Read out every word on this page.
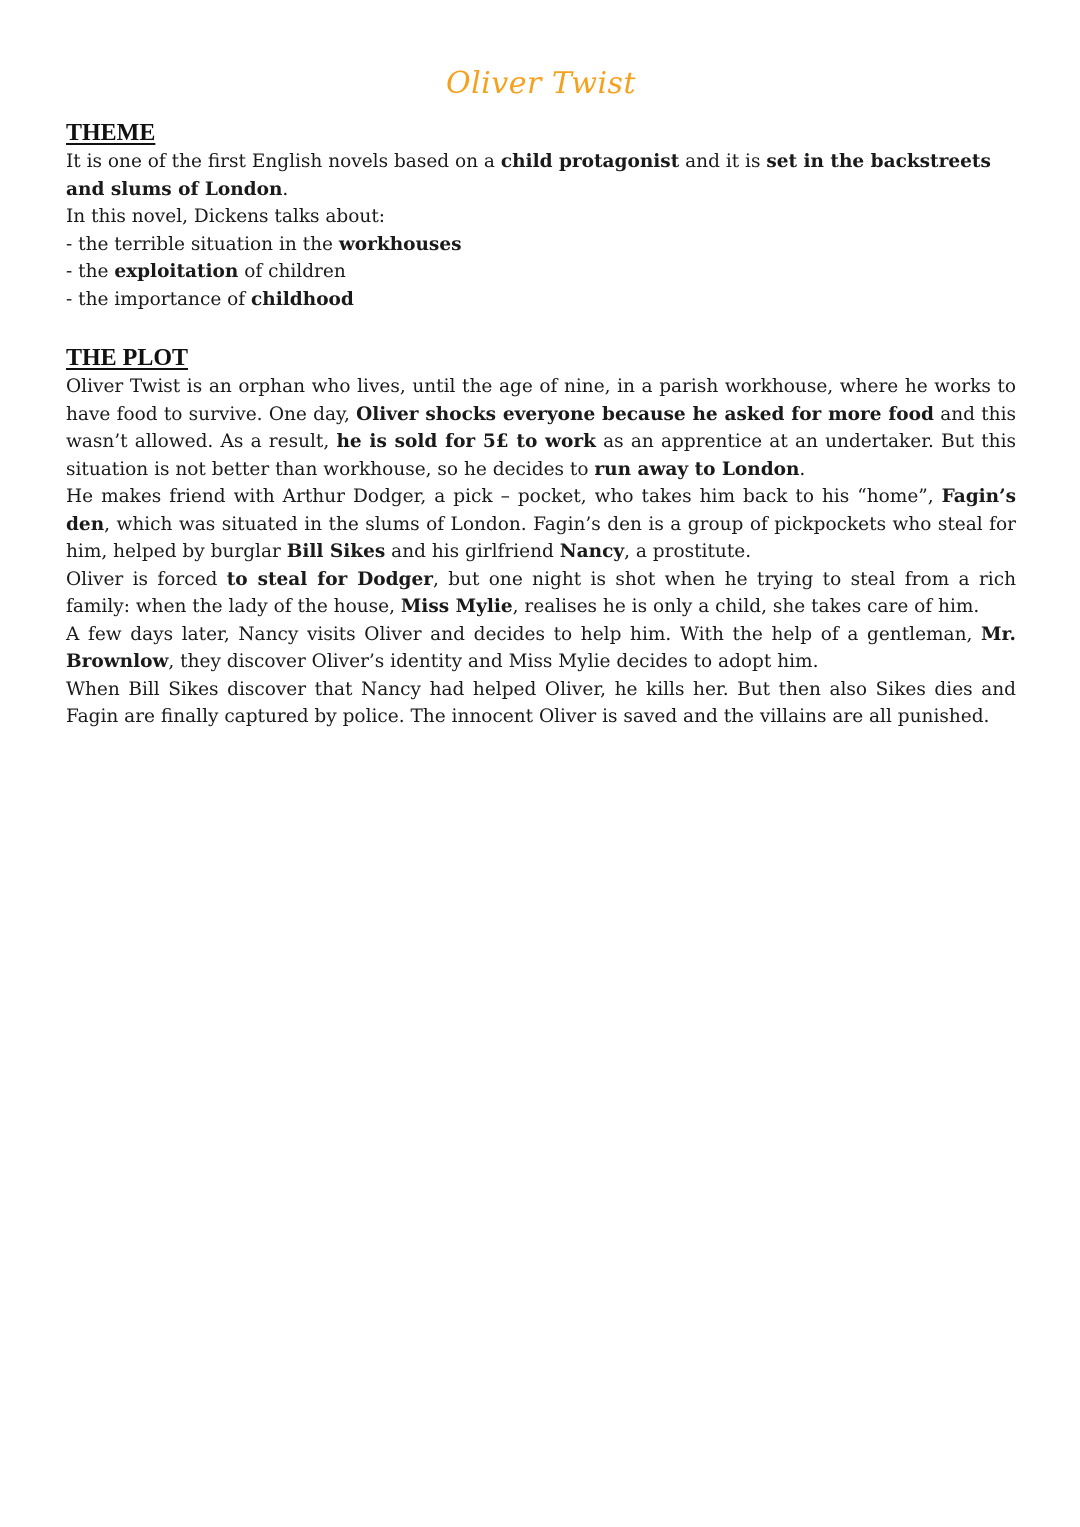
Oliver Twist
THEME

It is one of the first English novels based on a child protagonist and it is set in the backstreets and slums of London.

In this novel, Dickens talks about:

- the terrible situation in the workhouses

- the exploitation of children

- the importance of childhood

THE PLOT

Oliver Twist is an orphan who lives, until the age of nine, in a parish workhouse, where he works to have food to survive. One day, Oliver shocks everyone because he asked for more food and this wasn’t allowed. As a result, he is sold for 5£ to work as an apprentice at an undertaker. But this situation is not better than workhouse, so he decides to run away to London.

He makes friend with Arthur Dodger, a pick – pocket, who takes him back to his “home”, Fagin’s den, which was situated in the slums of London. Fagin’s den is a group of pickpockets who steal for him, helped by burglar Bill Sikes and his girlfriend Nancy, a prostitute.

Oliver is forced to steal for Dodger, but one night is shot when he trying to steal from a rich family: when the lady of the house, Miss Mylie, realises he is only a child, she takes care of him.

A few days later, Nancy visits Oliver and decides to help him. With the help of a gentleman, Mr. Brownlow, they discover Oliver’s identity and Miss Mylie decides to adopt him.

When Bill Sikes discover that Nancy had helped Oliver, he kills her. But then also Sikes dies and Fagin are finally captured by police. The innocent Oliver is saved and the villains are all punished.
